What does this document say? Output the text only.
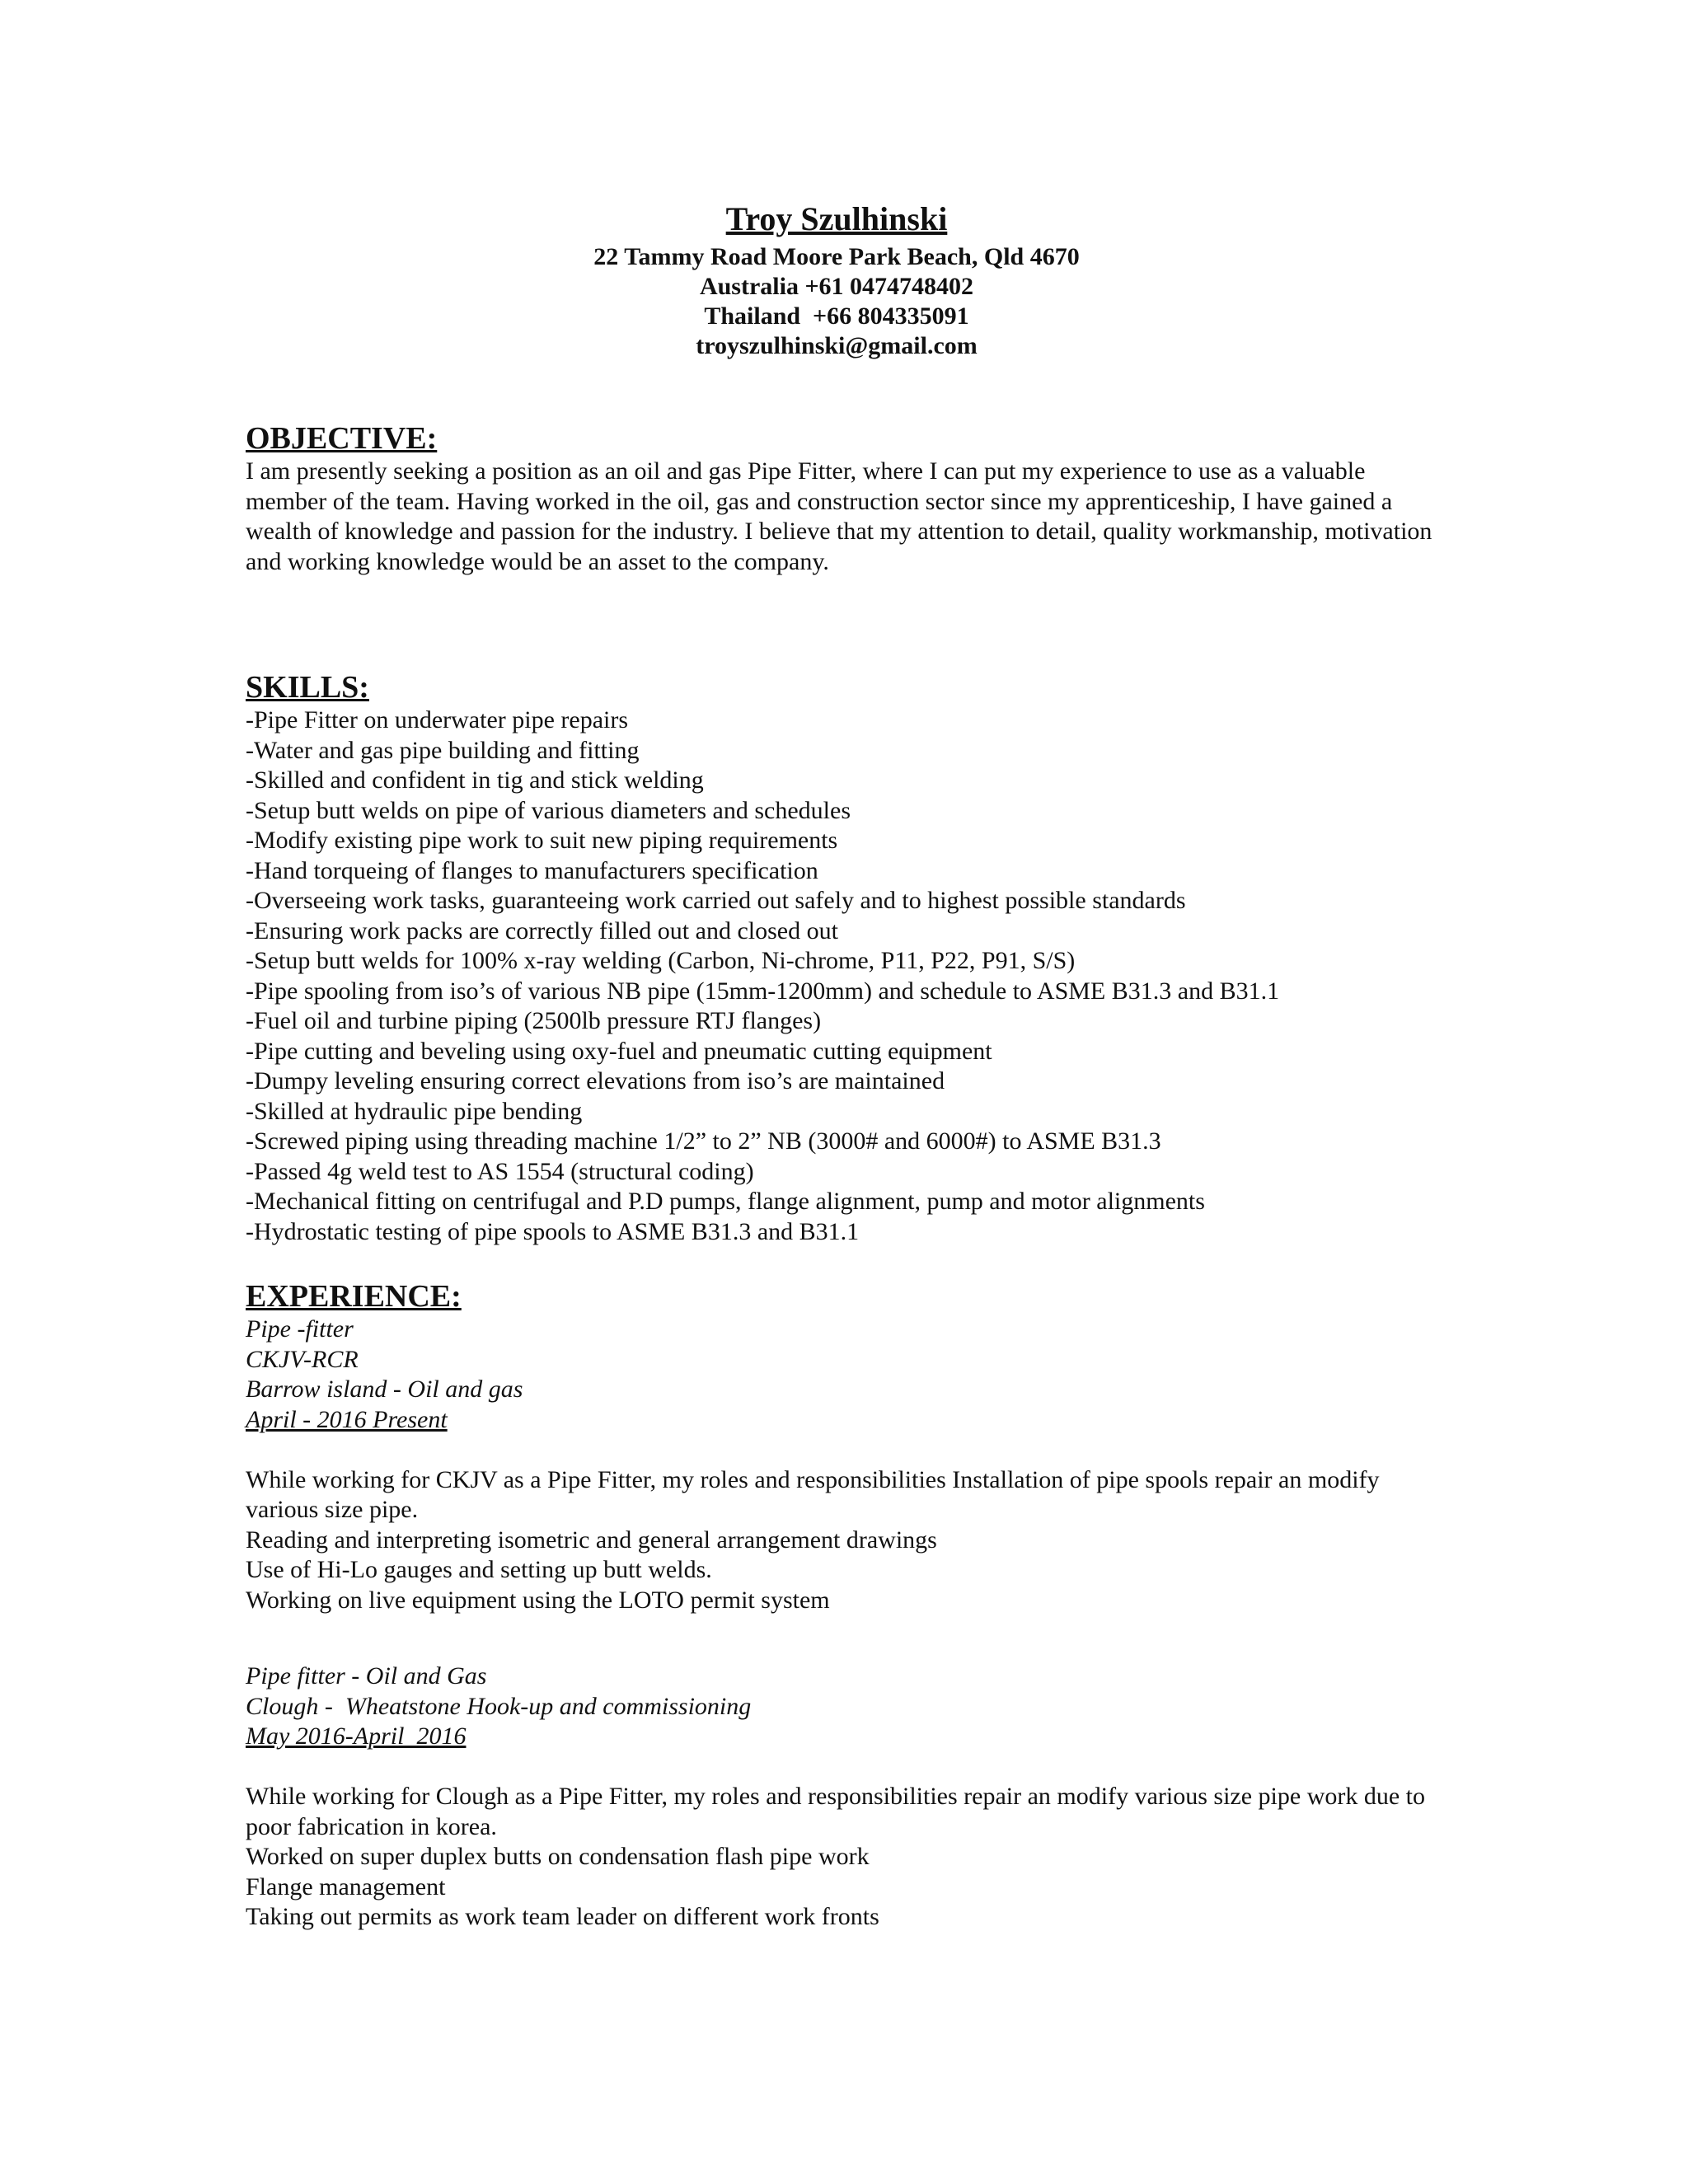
Troy Szulhinski

22 Tammy Road Moore Park Beach, Qld 4670

Australia +61 0474748402

Thailand  +66 804335091

troyszulhinski@gmail.com

OBJECTIVE:

I am presently seeking a position as an oil and gas Pipe Fitter, where I can put my experience to use as a valuable member of the team. Having worked in the oil, gas and construction sector since my apprenticeship, I have gained a wealth of knowledge and passion for the industry. I believe that my attention to detail, quality workmanship, motivation and working knowledge would be an asset to the company.

SKILLS:

-Pipe Fitter on underwater pipe repairs
-Water and gas pipe building and fitting
-Skilled and confident in tig and stick welding
-Setup butt welds on pipe of various diameters and schedules
-Modify existing pipe work to suit new piping requirements
-Hand torqueing of flanges to manufacturers specification
-Overseeing work tasks, guaranteeing work carried out safely and to highest possible standards
-Ensuring work packs are correctly filled out and closed out
-Setup butt welds for 100% x-ray welding (Carbon, Ni-chrome, P11, P22, P91, S/S)
-Pipe spooling from iso’s of various NB pipe (15mm-1200mm) and schedule to ASME B31.3 and B31.1
-Fuel oil and turbine piping (2500lb pressure RTJ flanges)
-Pipe cutting and beveling using oxy-fuel and pneumatic cutting equipment
-Dumpy leveling ensuring correct elevations from iso’s are maintained
-Skilled at hydraulic pipe bending
-Screwed piping using threading machine 1/2” to 2” NB (3000# and 6000#) to ASME B31.3
-Passed 4g weld test to AS 1554 (structural coding)
-Mechanical fitting on centrifugal and P.D pumps, flange alignment, pump and motor alignments
-Hydrostatic testing of pipe spools to ASME B31.3 and B31.1

EXPERIENCE:

Pipe -fitter
CKJV-RCR
Barrow island - Oil and gas
April - 2016 Present
While working for CKJV as a Pipe Fitter, my roles and responsibilities Installation of pipe spools repair an modify various size pipe.
Reading and interpreting isometric and general arrangement drawings
Use of Hi-Lo gauges and setting up butt welds.
Working on live equipment using the LOTO permit system
Pipe fitter - Oil and Gas
Clough -  Wheatstone Hook-up and commissioning
May 2016-April  2016
While working for Clough as a Pipe Fitter, my roles and responsibilities repair an modify various size pipe work due to poor fabrication in korea.
Worked on super duplex butts on condensation flash pipe work
Flange management
Taking out permits as work team leader on different work fronts
